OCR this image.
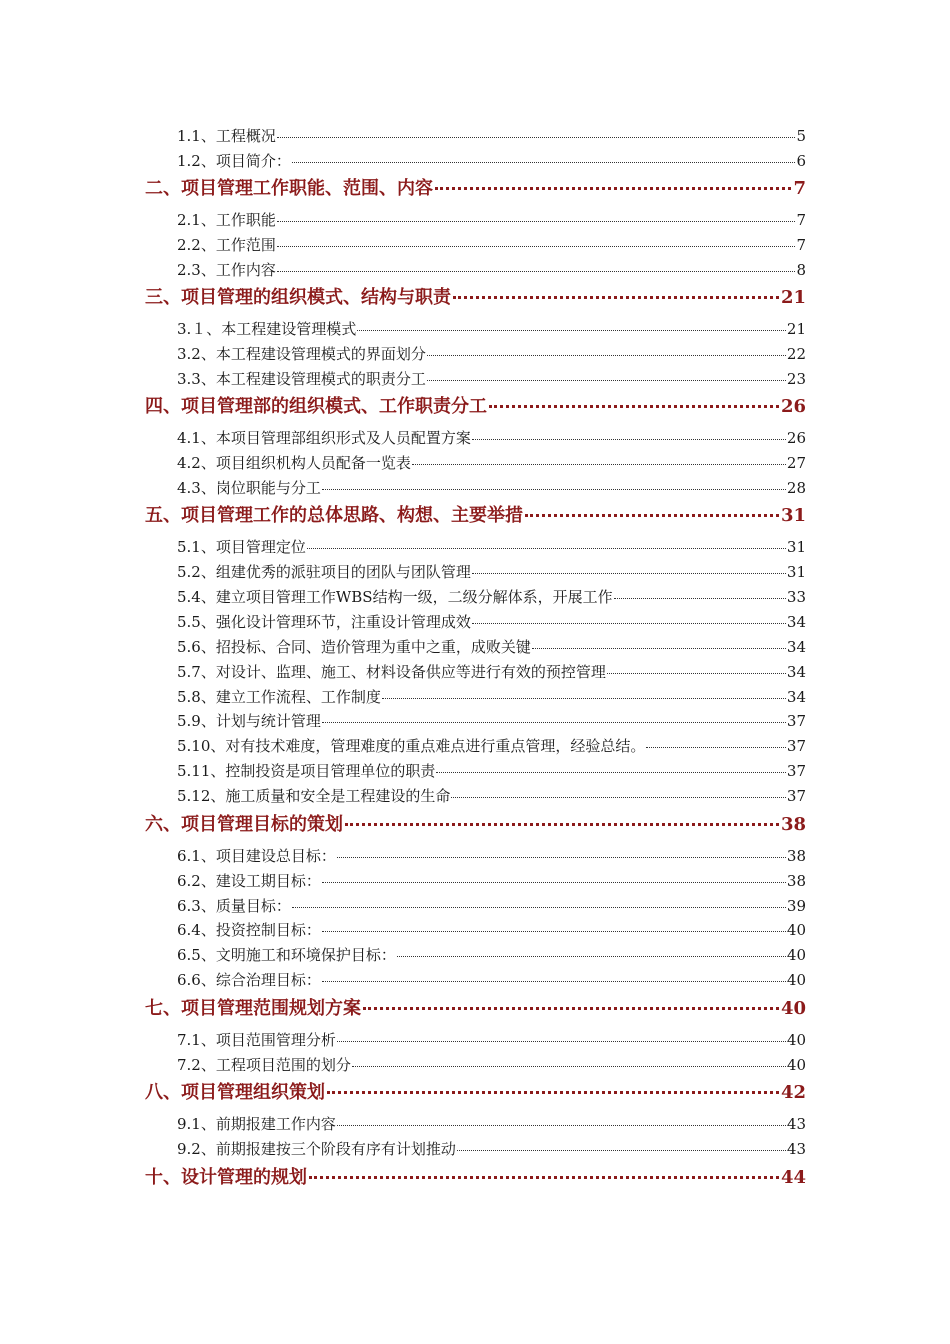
1.1、工程概况	5
1.2、项目简介：	6
二、项目管理工作职能、范围、内容	7
2.1、工作职能	7
2.2、工作范围	7
2.3、工作内容	8
三、项目管理的组织模式、结构与职责	21
3.１、本工程建设管理模式	21
3.2、本工程建设管理模式的界面划分	22
3.3、本工程建设管理模式的职责分工	23
四、项目管理部的组织模式、工作职责分工	26
4.1、本项目管理部组织形式及人员配置方案	26
4.2、项目组织机构人员配备一览表	27
4.3、岗位职能与分工	28
五、项目管理工作的总体思路、构想、主要举措	31
5.1、项目管理定位	31
5.2、组建优秀的派驻项目的团队与团队管理	31
5.4、建立项目管理工作WBS结构一级，二级分解体系，开展工作	33
5.5、强化设计管理环节，注重设计管理成效	34
5.6、招投标、合同、造价管理为重中之重，成败关键	34
5.7、对设计、监理、施工、材料设备供应等进行有效的预控管理	34
5.8、建立工作流程、工作制度	34
5.9、计划与统计管理	37
5.10、对有技术难度，管理难度的重点难点进行重点管理，经验总结。	37
5.11、控制投资是项目管理单位的职责	37
5.12、施工质量和安全是工程建设的生命	37
六、项目管理目标的策划	38
6.1、项目建设总目标：	38
6.2、建设工期目标：	38
6.3、质量目标：	39
6.4、投资控制目标：	40
6.5、文明施工和环境保护目标：	40
6.6、综合治理目标：	40
七、项目管理范围规划方案	40
7.1、项目范围管理分析	40
7.2、工程项目范围的划分	40
八、项目管理组织策划	42
9.1、前期报建工作内容	43
9.2、前期报建按三个阶段有序有计划推动	43
十、设计管理的规划	44
